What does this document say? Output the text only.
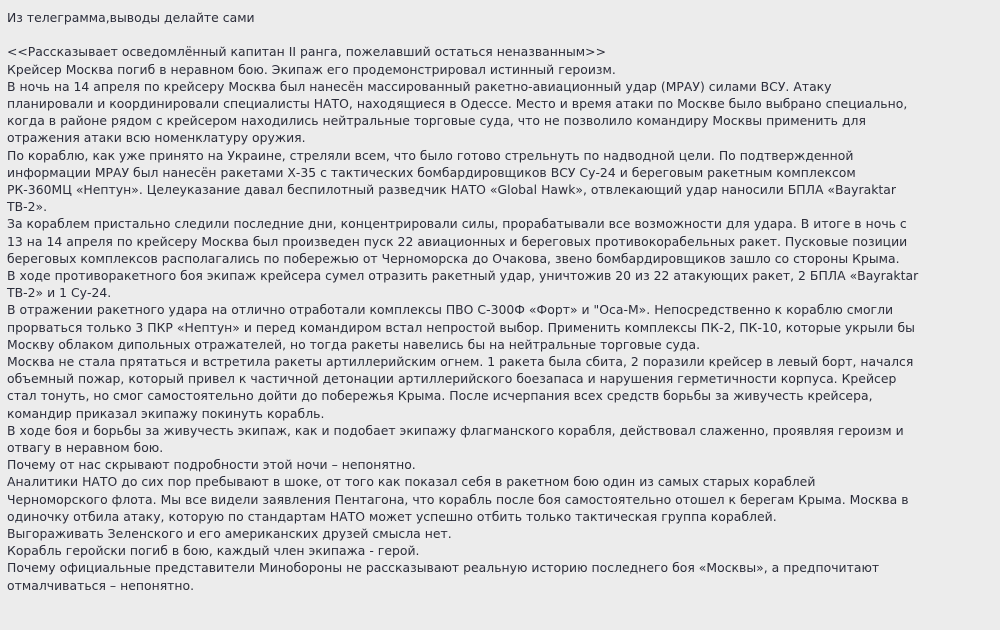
Из телеграмма,выводы делайте сами
<<Рассказывает осведомлённый капитан II ранга, пожелавший остаться неназванным>>
Крейсер Москва погиб в неравном бою. Экипаж его продемонстрировал истинный героизм.
В ночь на 14 апреля по крейсеру Москва был нанесён массированный ракетно-авиационный удар (МРАУ) силами ВСУ. Атаку
планировали и координировали специалисты НАТО, находящиеся в Одессе. Место и время атаки по Москве было выбрано специально,
когда в районе рядом с крейсером находились нейтральные торговые суда, что не позволило командиру Москвы применить для
отражения атаки всю номенклатуру оружия.
По кораблю, как уже принято на Украине, стреляли всем, что было готово стрельнуть по надводной цели. По подтвержденной
информации МРАУ был нанесён ракетами Х-35 с тактических бомбардировщиков ВСУ Су-24 и береговым ракетным комплексом
РК-360МЦ «Нептун». Целеуказание давал беспилотный разведчик НАТО «Global Hawk», отвлекающий удар наносили БПЛА «Bayraktar
ТВ-2».
За кораблем пристально следили последние дни, концентрировали силы, прорабатывали все возможности для удара. В итоге в ночь с
13 на 14 апреля по крейсеру Москва был произведен пуск 22 авиационных и береговых противокорабельных ракет. Пусковые позиции
береговых комплексов располагались по побережью от Черноморска до Очакова, звено бомбардировщиков зашло со стороны Крыма.
В ходе противоракетного боя экипаж крейсера сумел отразить ракетный удар, уничтожив 20 из 22 атакующих ракет, 2 БПЛА «Bayraktar
ТВ-2» и 1 Су-24.
В отражении ракетного удара на отлично отработали комплексы ПВО С-300Ф «Форт» и "Оса-М». Непосредственно к кораблю смогли
прорваться только 3 ПКР «Нептун» и перед командиром встал непростой выбор. Применить комплексы ПК-2, ПК-10, которые укрыли бы
Москву облаком дипольных отражателей, но тогда ракеты навелись бы на нейтральные торговые суда.
Москва не стала прятаться и встретила ракеты артиллерийским огнем. 1 ракета была сбита, 2 поразили крейсер в левый борт, начался
объемный пожар, который привел к частичной детонации артиллерийского боезапаса и нарушения герметичности корпуса. Крейсер
стал тонуть, но смог самостоятельно дойти до побережья Крыма. После исчерпания всех средств борьбы за живучесть крейсера,
командир приказал экипажу покинуть корабль.
В ходе боя и борьбы за живучесть экипаж, как и подобает экипажу флагманского корабля, действовал слаженно, проявляя героизм и
отвагу в неравном бою.
Почему от нас скрывают подробности этой ночи – непонятно.
Аналитики НАТО до сих пор пребывают в шоке, от того как показал себя в ракетном бою один из самых старых кораблей
Черноморского флота. Мы все видели заявления Пентагона, что корабль после боя самостоятельно отошел к берегам Крыма. Москва в
одиночку отбила атаку, которую по стандартам НАТО может успешно отбить только тактическая группа кораблей.
Выгораживать Зеленского и его американских друзей смысла нет.
Корабль геройски погиб в бою, каждый член экипажа - герой.
Почему официальные представители Минобороны не рассказывают реальную историю последнего боя «Москвы», а предпочитают
отмалчиваться – непонятно.
